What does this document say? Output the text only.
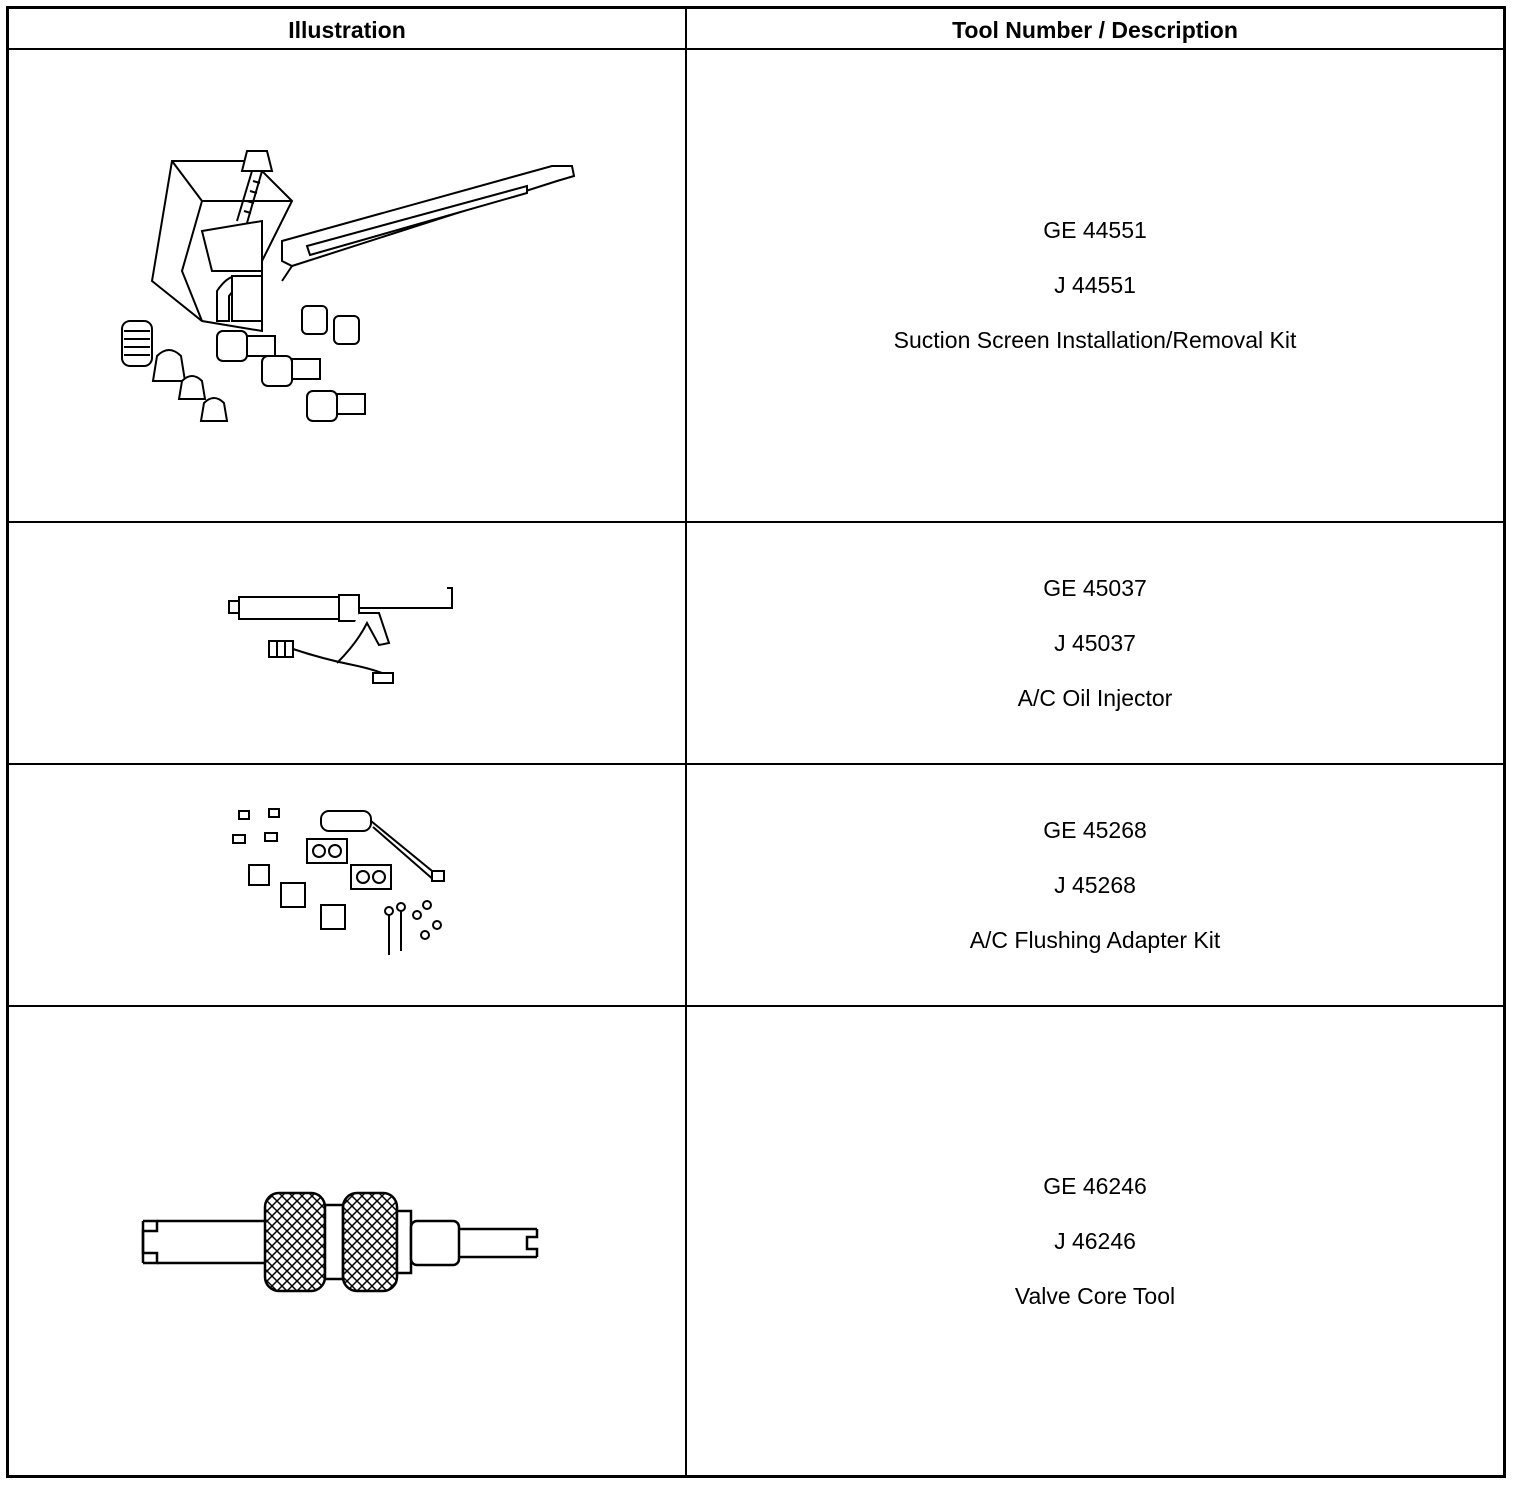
Illustration	Tool Number / Description
GE 44551
J 44551
Suction Screen Installation/Removal Kit
GE 45037
J 45037
A/C Oil Injector
GE 45268
J 45268
A/C Flushing Adapter Kit
GE 46246
J 46246
Valve Core Tool
